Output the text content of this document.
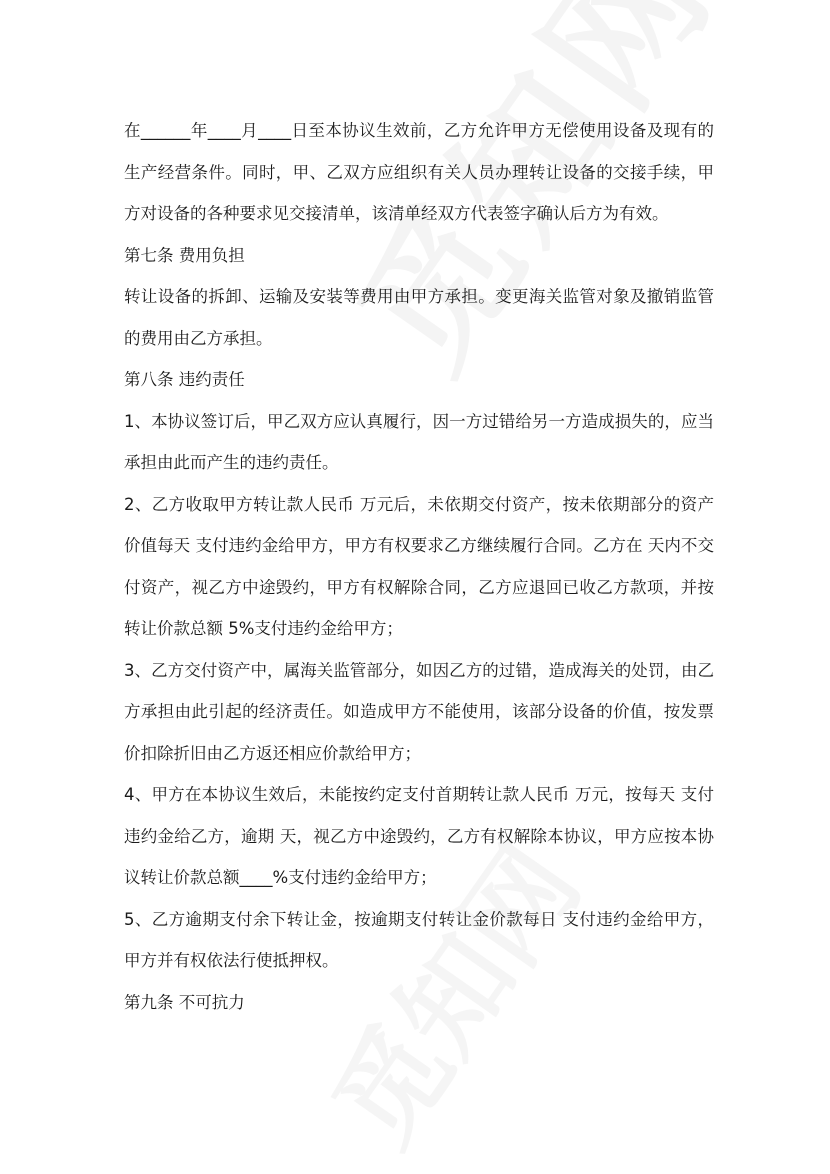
在______年____月____日至本协议生效前，乙方允许甲方无偿使用设备及现有的生产经营条件。同时，甲、乙双方应组织有关人员办理转让设备的交接手续，甲方对设备的各种要求见交接清单，该清单经双方代表签字确认后方为有效。

第七条 费用负担

转让设备的拆卸、运输及安装等费用由甲方承担。变更海关监管对象及撤销监管的费用由乙方承担。

第八条 违约责任

1、本协议签订后，甲乙双方应认真履行，因一方过错给另一方造成损失的，应当承担由此而产生的违约责任。

2、乙方收取甲方转让款人民币 万元后，未依期交付资产，按未依期部分的资产价值每天 支付违约金给甲方，甲方有权要求乙方继续履行合同。乙方在 天内不交付资产，视乙方中途毁约，甲方有权解除合同，乙方应退回已收乙方款项，并按转让价款总额 5%支付违约金给甲方；

3、乙方交付资产中，属海关监管部分，如因乙方的过错，造成海关的处罚，由乙方承担由此引起的经济责任。如造成甲方不能使用，该部分设备的价值，按发票价扣除折旧由乙方返还相应价款给甲方；

4、甲方在本协议生效后，未能按约定支付首期转让款人民币 万元，按每天 支付违约金给乙方，逾期 天，视乙方中途毁约，乙方有权解除本协议，甲方应按本协议转让价款总额____%支付违约金给甲方；

5、乙方逾期支付余下转让金，按逾期支付转让金价款每日 支付违约金给甲方，甲方并有权依法行使抵押权。

第九条 不可抗力
